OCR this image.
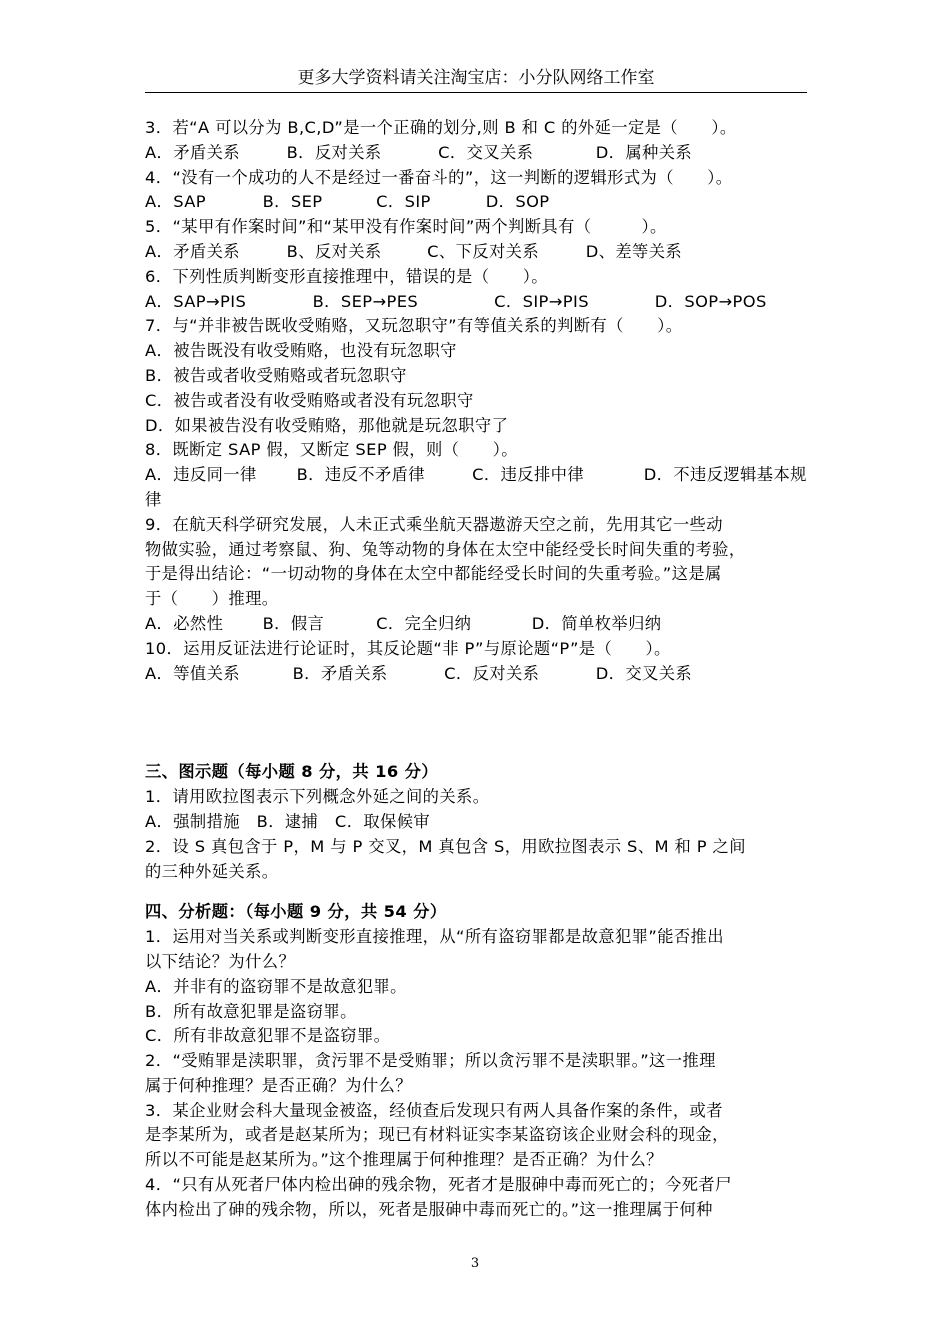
更多大学资料请关注淘宝店：小分队网络工作室
3．若“A 可以分为 B,C,D”是一个正确的划分,则 B 和 C 的外延一定是（　　）。
A．矛盾关系	B．反对关系	C．交叉关系	D．属种关系
4．“没有一个成功的人不是经过一番奋斗的”，这一判断的逻辑形式为（　　）。
A．SAP	B．SEP	C．SIP	D．SOP
5．“某甲有作案时间”和“某甲没有作案时间”两个判断具有（　　　）。
A．矛盾关系	B、反对关系	C、下反对关系	D、差等关系
6．下列性质判断变形直接推理中，错误的是（　　）。
A．SAP→PIS	B．SEP→PES	C．SIP→PIS	D．SOP→POS
7．与“并非被告既收受贿赂，又玩忽职守”有等值关系的判断有（　　）。
A．被告既没有收受贿赂，也没有玩忽职守
B．被告或者收受贿赂或者玩忽职守
C．被告或者没有收受贿赂或者没有玩忽职守
D．如果被告没有收受贿赂，那他就是玩忽职守了
8．既断定 SAP 假，又断定 SEP 假，则（　　）。
A．违反同一律 B．违反不矛盾律	C．违反排中律	D．不违反逻辑基本规
律
9．在航天科学研究发展，人未正式乘坐航天器遨游天空之前，先用其它一些动
物做实验，通过考察鼠、狗、兔等动物的身体在太空中能经受长时间失重的考验，
于是得出结论：“一切动物的身体在太空中都能经受长时间的失重考验。”这是属
于（　　）推理。
A．必然性 B．假言	C．完全归纳	D．简单枚举归纳
10．运用反证法进行论证时，其反论题“非 P”与原论题“P”是（　　）。
A．等值关系	B．矛盾关系	C．反对关系	D．交叉关系
三、图示题（每小题 8 分，共 16 分）
1．请用欧拉图表示下列概念外延之间的关系。
A．强制措施　B．逮捕　C．取保候审
2．设 S 真包含于 P，M 与 P 交叉，M 真包含 S，用欧拉图表示 S、M 和 P 之间
的三种外延关系。
四、分析题：（每小题 9 分，共 54 分）
1．运用对当关系或判断变形直接推理，从“所有盗窃罪都是故意犯罪”能否推出
以下结论？为什么？
A．并非有的盗窃罪不是故意犯罪。
B．所有故意犯罪是盗窃罪。
C．所有非故意犯罪不是盗窃罪。
2．“受贿罪是渎职罪，贪污罪不是受贿罪；所以贪污罪不是渎职罪。”这一推理
属于何种推理？是否正确？为什么？
3．某企业财会科大量现金被盗，经侦查后发现只有两人具备作案的条件，或者
是李某所为，或者是赵某所为；现已有材料证实李某盗窃该企业财会科的现金，
所以不可能是赵某所为。”这个推理属于何种推理？是否正确？为什么？
4．“只有从死者尸体内检出砷的残余物，死者才是服砷中毒而死亡的；今死者尸
体内检出了砷的残余物，所以，死者是服砷中毒而死亡的。”这一推理属于何种
3
